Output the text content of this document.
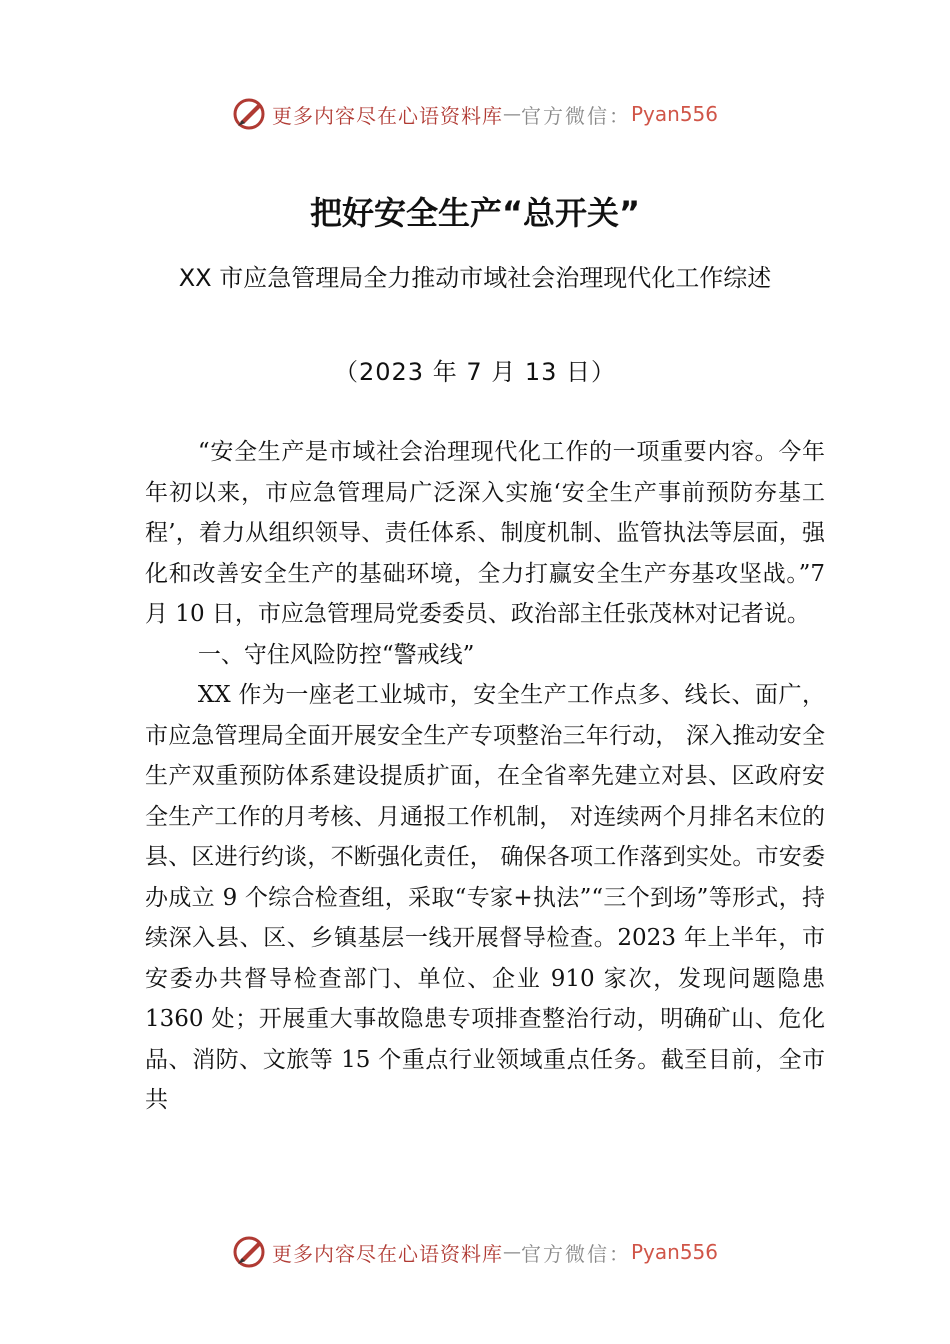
更多内容尽在心语资料库 — 官方微信： Pyan556
把好安全生产“总开关”
XX 市应急管理局全力推动市域社会治理现代化工作综述
（2023 年 7 月 13 日）

“安全生产是市域社会治理现代化工作的一项重要内容。今年年初以来，市应急管理局广泛深入实施‘安全生产事前预防夯基工程’，着力从组织领导、责任体系、制度机制、监管执法等层面，强化和改善安全生产的基础环境，全力打赢安全生产夯基攻坚战。”7 月 10 日，市应急管理局党委委员、政治部主任张茂林对记者说。

一、守住风险防控“警戒线”

XX 作为一座老工业城市，安全生产工作点多、线长、面广，市应急管理局全面开展安全生产专项整治三年行动， 深入推动安全生产双重预防体系建设提质扩面，在全省率先建立对县、区政府安全生产工作的月考核、月通报工作机制， 对连续两个月排名末位的县、区进行约谈，不断强化责任， 确保各项工作落到实处。市安委办成立 9 个综合检查组，采取“专家+执法”“三个到场”等形式，持续深入县、区、乡镇基层一线开展督导检查。2023 年上半年，市安委办共督导检查部门、单位、企业 910 家次，发现问题隐患 1360 处；开展重大事故隐患专项排查整治行动，明确矿山、危化品、消防、文旅等 15 个重点行业领域重点任务。截至目前，全市共

更多内容尽在心语资料库 — 官方微信： Pyan556
